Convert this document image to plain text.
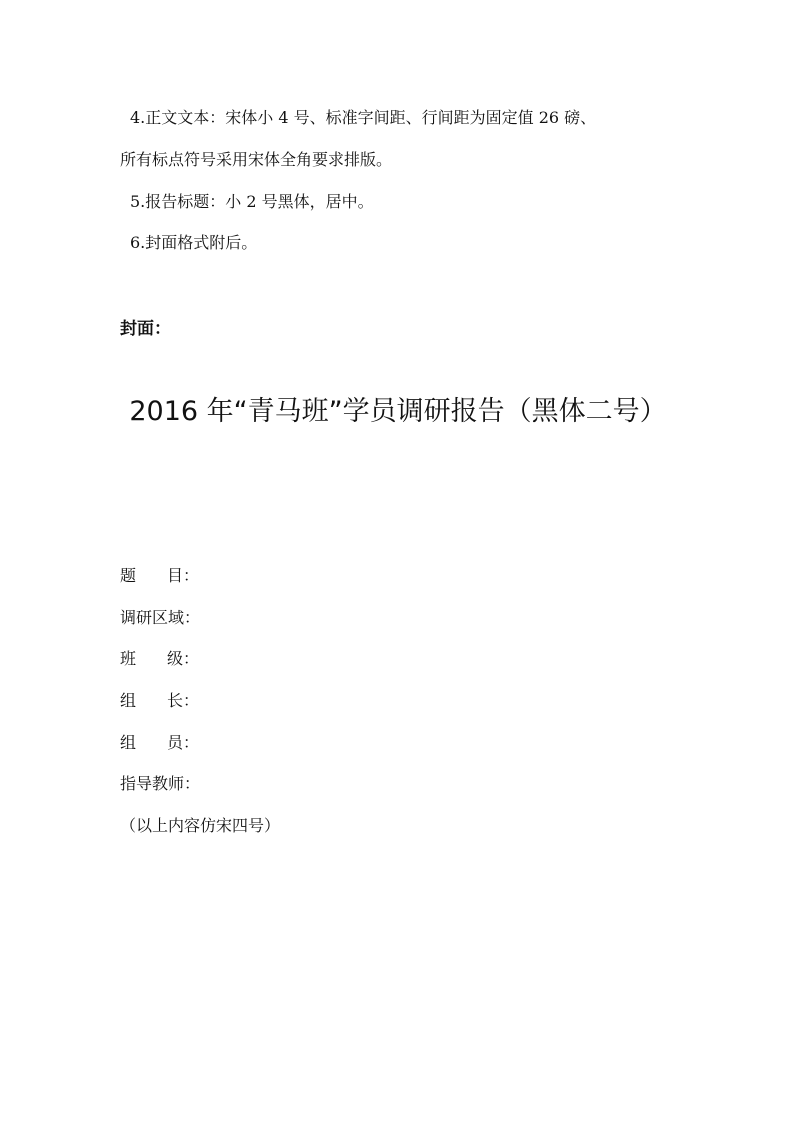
4.正文文本：宋体小 4 号、标准字间距、行间距为固定值 26 磅、
所有标点符号采用宋体全角要求排版。
5.报告标题：小 2 号黑体，居中。
6.封面格式附后。
封面：
2016 年“青马班”学员调研报告（黑体二号）
题 目：
调研区域：
班 级：
组 长：
组 员：
指导教师：
（以上内容仿宋四号）
